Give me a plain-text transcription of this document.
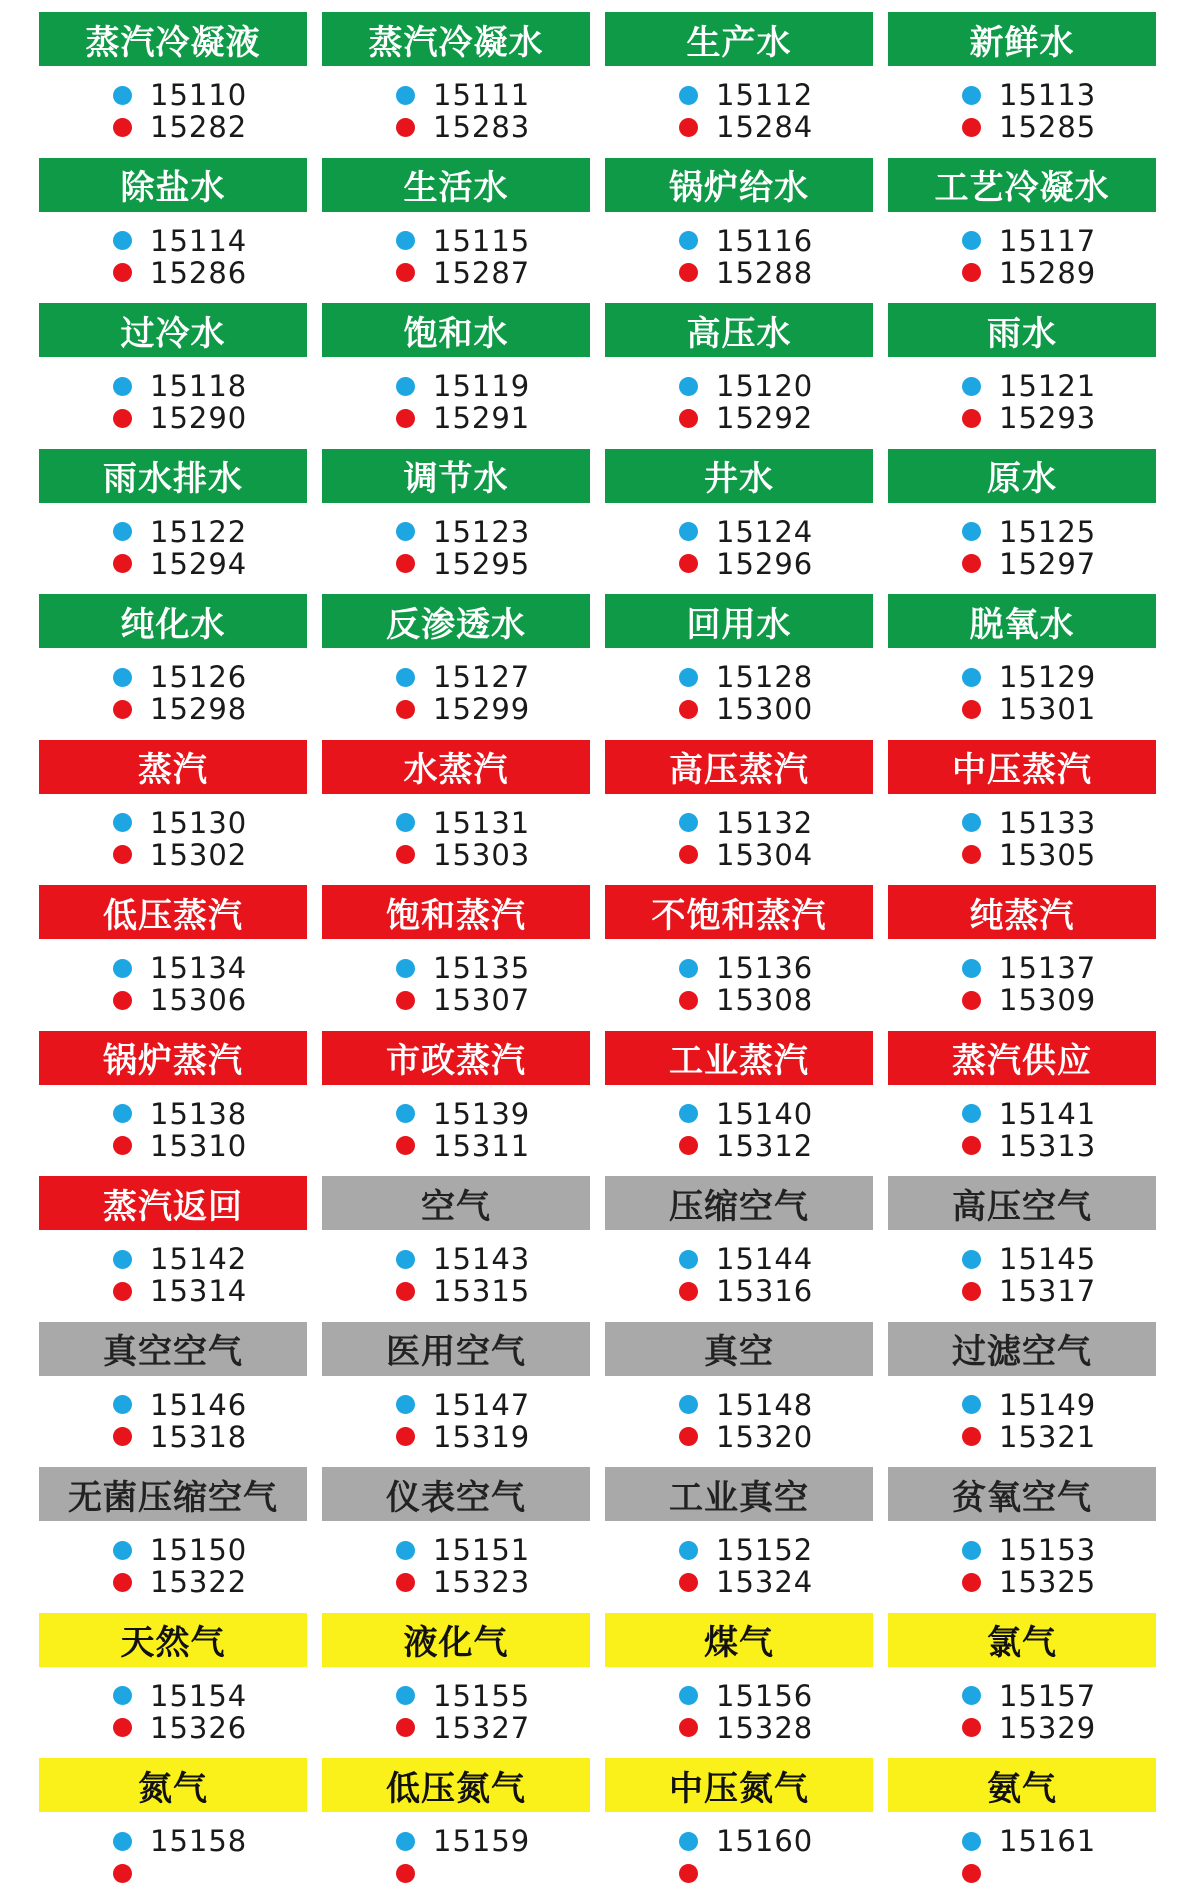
蒸汽冷凝液
15110
15282
蒸汽冷凝水
15111
15283
生产水
15112
15284
新鲜水
15113
15285
除盐水
15114
15286
生活水
15115
15287
锅炉给水
15116
15288
工艺冷凝水
15117
15289
过冷水
15118
15290
饱和水
15119
15291
高压水
15120
15292
雨水
15121
15293
雨水排水
15122
15294
调节水
15123
15295
井水
15124
15296
原水
15125
15297
纯化水
15126
15298
反渗透水
15127
15299
回用水
15128
15300
脱氧水
15129
15301
蒸汽
15130
15302
水蒸汽
15131
15303
高压蒸汽
15132
15304
中压蒸汽
15133
15305
低压蒸汽
15134
15306
饱和蒸汽
15135
15307
不饱和蒸汽
15136
15308
纯蒸汽
15137
15309
锅炉蒸汽
15138
15310
市政蒸汽
15139
15311
工业蒸汽
15140
15312
蒸汽供应
15141
15313
蒸汽返回
15142
15314
空气
15143
15315
压缩空气
15144
15316
高压空气
15145
15317
真空空气
15146
15318
医用空气
15147
15319
真空
15148
15320
过滤空气
15149
15321
无菌压缩空气
15150
15322
仪表空气
15151
15323
工业真空
15152
15324
贫氧空气
15153
15325
天然气
15154
15326
液化气
15155
15327
煤气
15156
15328
氯气
15157
15329
氮气
15158
低压氮气
15159
中压氮气
15160
氨气
15161
